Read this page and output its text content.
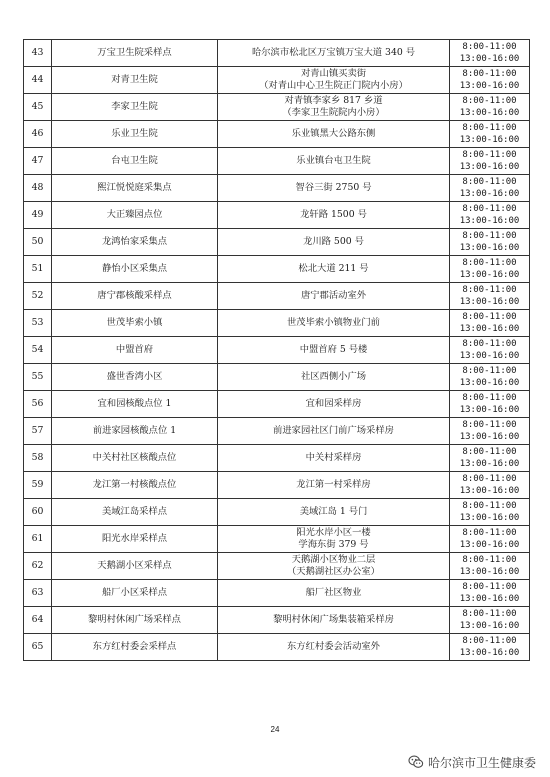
43	万宝卫生院采样点	哈尔滨市松北区万宝镇万宝大道 340 号	8:00-11:00
13:00-16:00

44	对青卫生院	对青山镇买卖街
（对青山中心卫生院正门院内小房）	8:00-11:00
13:00-16:00

45	李家卫生院	对青镇李家乡 817 乡道
（李家卫生院院内小房）	8:00-11:00
13:00-16:00

46	乐业卫生院	乐业镇黑大公路东侧	8:00-11:00
13:00-16:00

47	台屯卫生院	乐业镇台屯卫生院	8:00-11:00
13:00-16:00

48	熙江悦悦庭采集点	智谷三街 2750 号	8:00-11:00
13:00-16:00

49	大正臻园点位	龙轩路 1500 号	8:00-11:00
13:00-16:00

50	龙鸿怡家采集点	龙川路 500 号	8:00-11:00
13:00-16:00

51	静怡小区采集点	松北大道 211 号	8:00-11:00
13:00-16:00

52	唐宁郡核酸采样点	唐宁郡活动室外	8:00-11:00
13:00-16:00

53	世茂毕索小镇	世茂毕索小镇物业门前	8:00-11:00
13:00-16:00

54	中盟首府	中盟首府 5 号楼	8:00-11:00
13:00-16:00

55	盛世香湾小区	社区西侧小广场	8:00-11:00
13:00-16:00

56	宜和园核酸点位 1	宜和园采样房	8:00-11:00
13:00-16:00

57	前进家园核酸点位 1	前进家园社区门前广场采样房	8:00-11:00
13:00-16:00

58	中关村社区核酸点位	中关村采样房	8:00-11:00
13:00-16:00

59	龙江第一村核酸点位	龙江第一村采样房	8:00-11:00
13:00-16:00

60	美域江岛采样点	美域江岛 1 号门	8:00-11:00
13:00-16:00

61	阳光水岸采样点	阳光水岸小区一楼
学海东街 379 号	8:00-11:00
13:00-16:00

62	天鹅湖小区采样点	天鹅湖小区物业二层
（天鹅湖社区办公室）	8:00-11:00
13:00-16:00

63	船厂小区采样点	船厂社区物业	8:00-11:00
13:00-16:00

64	黎明村休闲广场采样点	黎明村休闲广场集装箱采样房	8:00-11:00
13:00-16:00

65	东方红村委会采样点	东方红村委会活动室外	8:00-11:00
13:00-16:00
24
哈尔滨市卫生健康委
